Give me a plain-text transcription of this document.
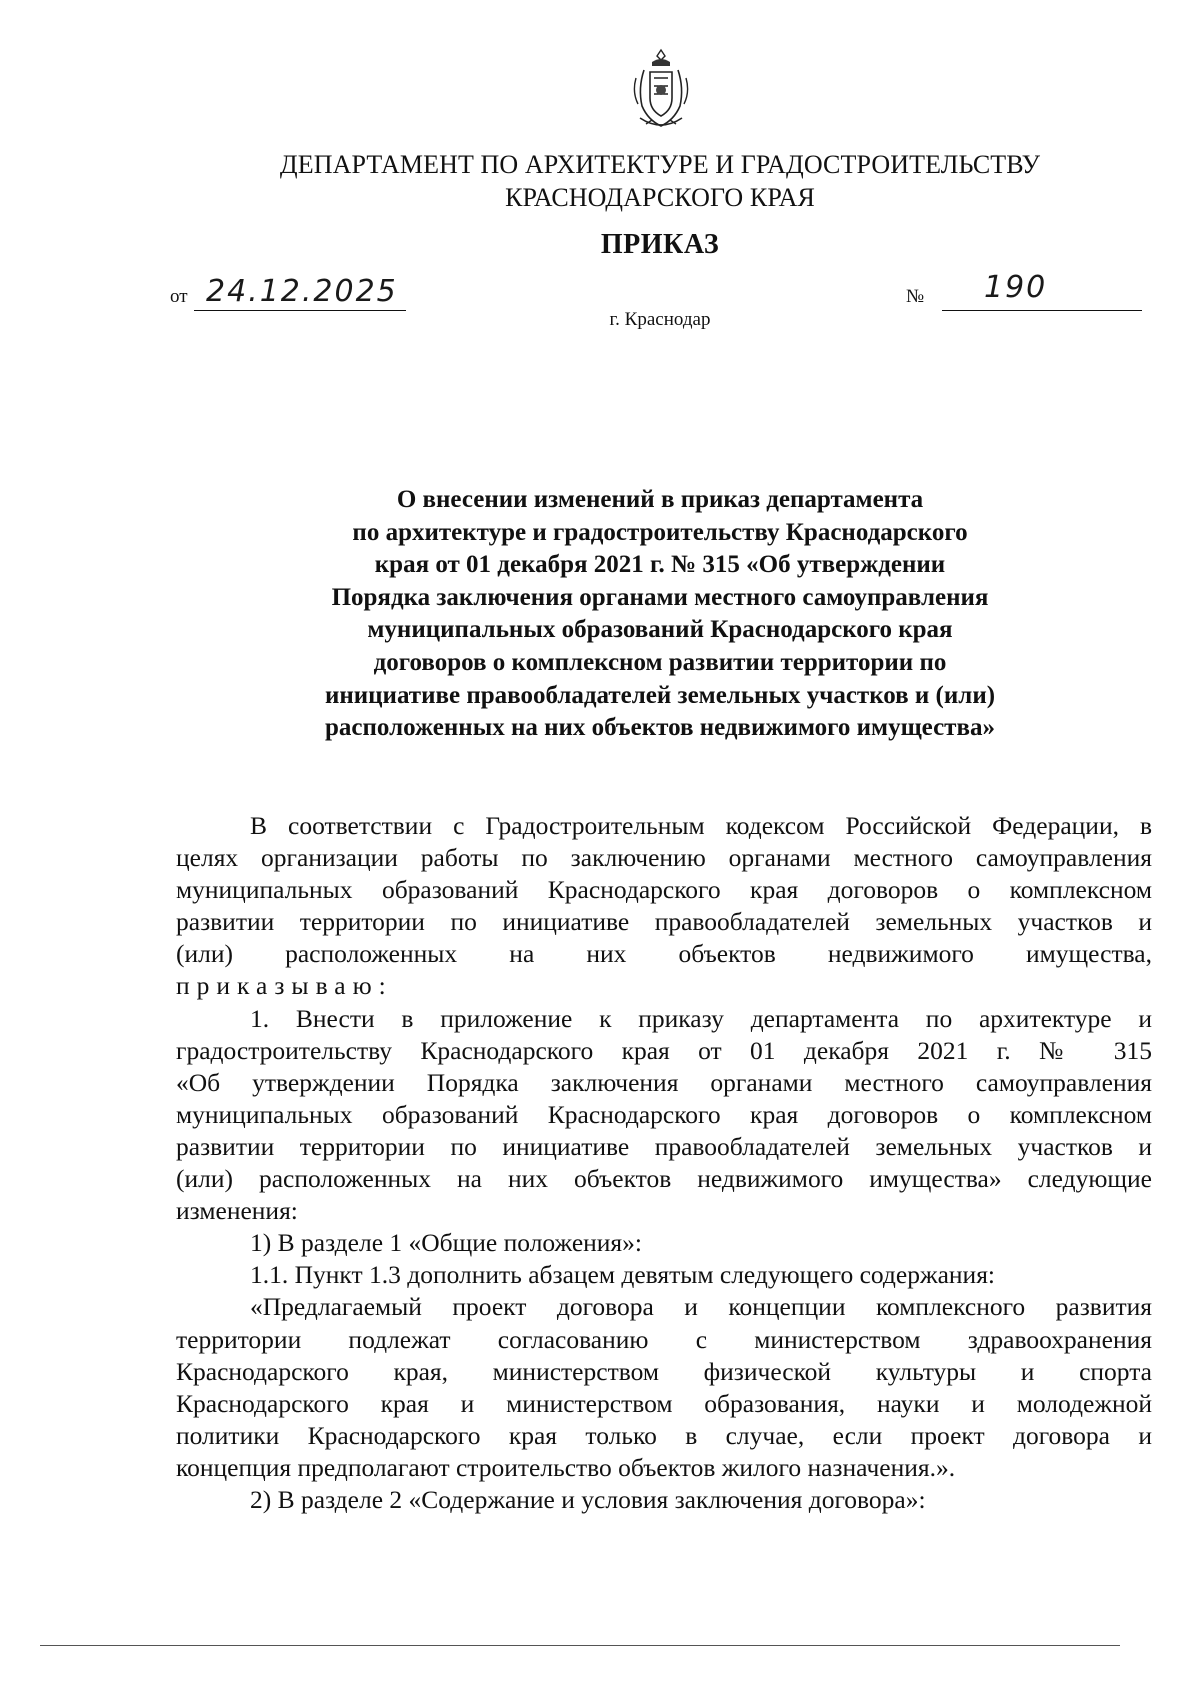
ДЕПАРТАМЕНТ ПО АРХИТЕКТУРЕ И ГРАДОСТРОИТЕЛЬСТВУ
КРАСНОДАРСКОГО КРАЯ
ПРИКАЗ
от 24.12.2025	№ 190
г. Краснодар
О внесении изменений в приказ департамента
по архитектуре и градостроительству Краснодарского
края от 01 декабря 2021 г. № 315 «Об утверждении
Порядка заключения органами местного самоуправления
муниципальных образований Краснодарского края
договоров о комплексном развитии территории по
инициативе правообладателей земельных участков и (или)
расположенных на них объектов недвижимого имущества»
В соответствии с Градостроительным кодексом Российской Федерации, в
целях организации работы по заключению органами местного самоуправления
муниципальных образований Краснодарского края договоров о комплексном
развитии территории по инициативе правообладателей земельных участков и
(или) расположенных на них объектов недвижимого имущества,
приказываю:
1. Внести в приложение к приказу департамента по архитектуре и
градостроительству Краснодарского края от 01 декабря 2021 г. № 315
«Об утверждении Порядка заключения органами местного самоуправления
муниципальных образований Краснодарского края договоров о комплексном
развитии территории по инициативе правообладателей земельных участков и
(или) расположенных на них объектов недвижимого имущества» следующие
изменения:
1) В разделе 1 «Общие положения»:
1.1. Пункт 1.3 дополнить абзацем девятым следующего содержания:
«Предлагаемый проект договора и концепции комплексного развития
территории подлежат согласованию с министерством здравоохранения
Краснодарского края, министерством физической культуры и спорта
Краснодарского края и министерством образования, науки и молодежной
политики Краснодарского края только в случае, если проект договора и
концепция предполагают строительство объектов жилого назначения.».
2) В разделе 2 «Содержание и условия заключения договора»:
